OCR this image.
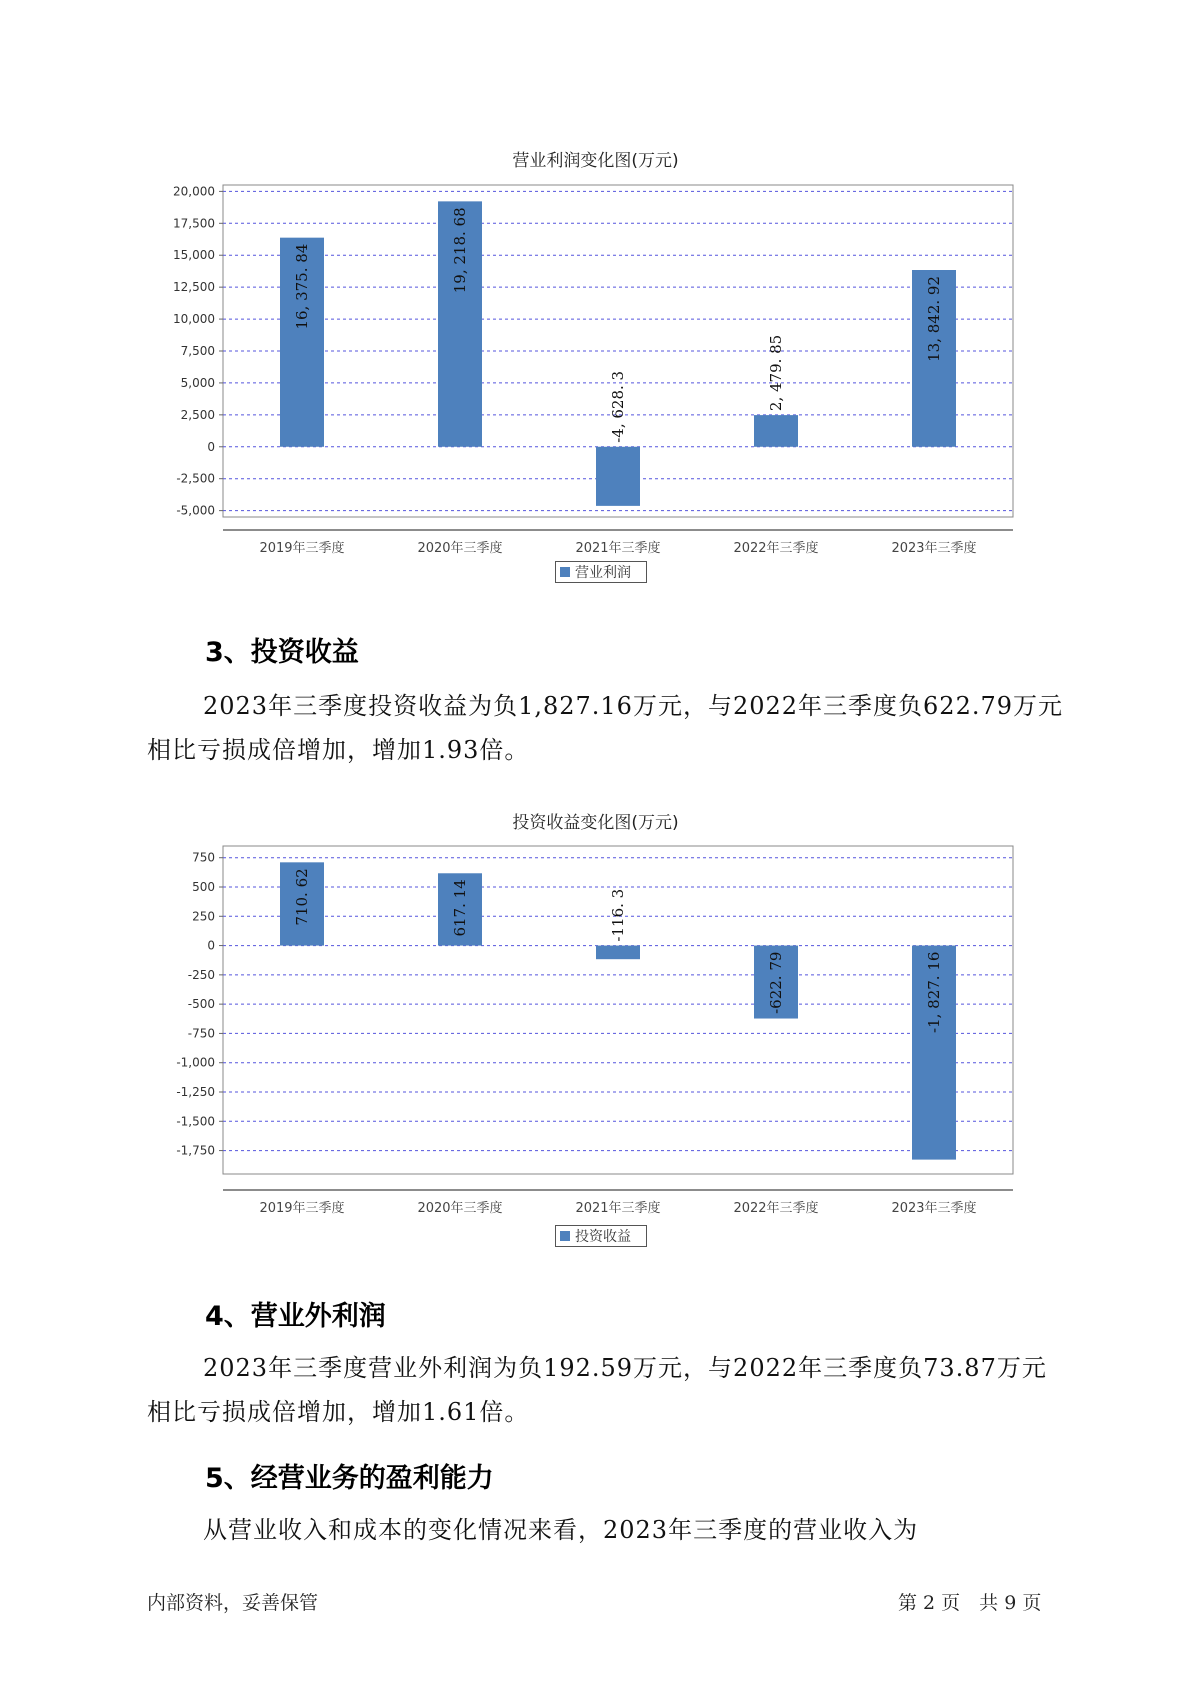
营业利润变化图(万元)
20,000
17,500
15,000
12,500
10,000
7,500
5,000
2,500
0
-2,500
-5,000
2019年三季度
16, 375. 84
2020年三季度
19, 218. 68
2021年三季度
-4, 628. 3
2022年三季度
2, 479. 85
2023年三季度
13, 842. 92
营业利润
3、投资收益

2023年三季度投资收益为负1,827.16万元，与2022年三季度负622.79万元相比亏损成倍增加，增加1.93倍。

投资收益变化图(万元)
750
500
250
0
-250
-500
-750
-1,000
-1,250
-1,500
-1,750
2019年三季度
710. 62
2020年三季度
617. 14
2021年三季度
-116. 3
2022年三季度
-622. 79
2023年三季度
-1, 827. 16
投资收益
4、营业外利润

2023年三季度营业外利润为负192.59万元，与2022年三季度负73.87万元相比亏损成倍增加，增加1.61倍。

5、经营业务的盈利能力

从营业收入和成本的变化情况来看，2023年三季度的营业收入为

内部资料，妥善保管	第 2 页　共 9 页
